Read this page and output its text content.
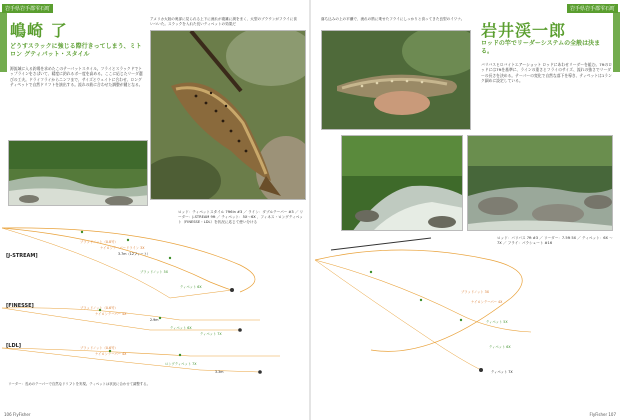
岩手県岩手郡雫石町
嶋崎 了
どうすスラックに強じる際行きってしまう、ミトロン グティパット・スタイル
源流域に入る釣場を求めたこのテーパットスタイル。フライとスラックドでトップラインをさばいて、精度に釣れるボー度を高める。ここに応じたリーダ選びの工夫。ドライフライからニンフまで、サイズとウェイトに合わせ、ロングティペットで自然ドリフトを演出する。流れの筋に合わせた調整が鍵となる。
アメリカ大陸の奥部に見られる上下に流れが複雑に渦をまく、大型のブラウンがフライに食いついた。スラックを入れた長いティペットの効果だ
ロッド：ティペットスタイル 7ft6in #3 ／ ライン：ダブルテーパー #3 ／ リーダー：J-STREAM 9ft ／ ティペット：5X〜6X 、フィネス・ロングティペット（FINESSE・LDL）を状況に応じて使い分ける
[J-STREAM]
[FINESSE]
[LDL]
ブラッドノット（0.8号）
ナイロンテーパードライン 3X
3.7m（12フィート）
ブラッドノット 5X
ティペット 6X
ブラッドノット（0.6号）
ナイロンテーパー 4X
2.9m
ティペット 6X
ティペット 7X
ブラッドノット（0.6号）
ナイロンテーパー 4X
ロングティペット 7X
3.3m
リーダー：長めのテーパーで自然なドリフトを実現。ティペットは状況に合わせて調整する。
106 FlyFisher
岩手県岩手郡雫石町
落ち込みの上の平瀬で、流れの筋に乗せたフライにしっかりと食ってきた良型のイワナ。
岩井渓一郎
ロッドの竿でリーダーシステムの全般は決まる。
バリバスヒロバイトエアーショット ロッドにあわせリーダーを組む。7ftのロッドには7ftを基準に、ラインの重さとフライのサイズ、流れの強さでリーダーの長さを決める。テーパーの変化で自然な落下を導き、ティペットは1ランク細めに設定している。
ロッド：バリバス 7ft #3 ／ リーダー：7.5ft 5X ／ ティペット：6X 〜 7X ／ フライ：パラシュート #16
ブラッドノット 3X
ナイロンテーパー 4X
ティペット 5X
ティペット 6X
ティペット 7X
FlyFisher 107
